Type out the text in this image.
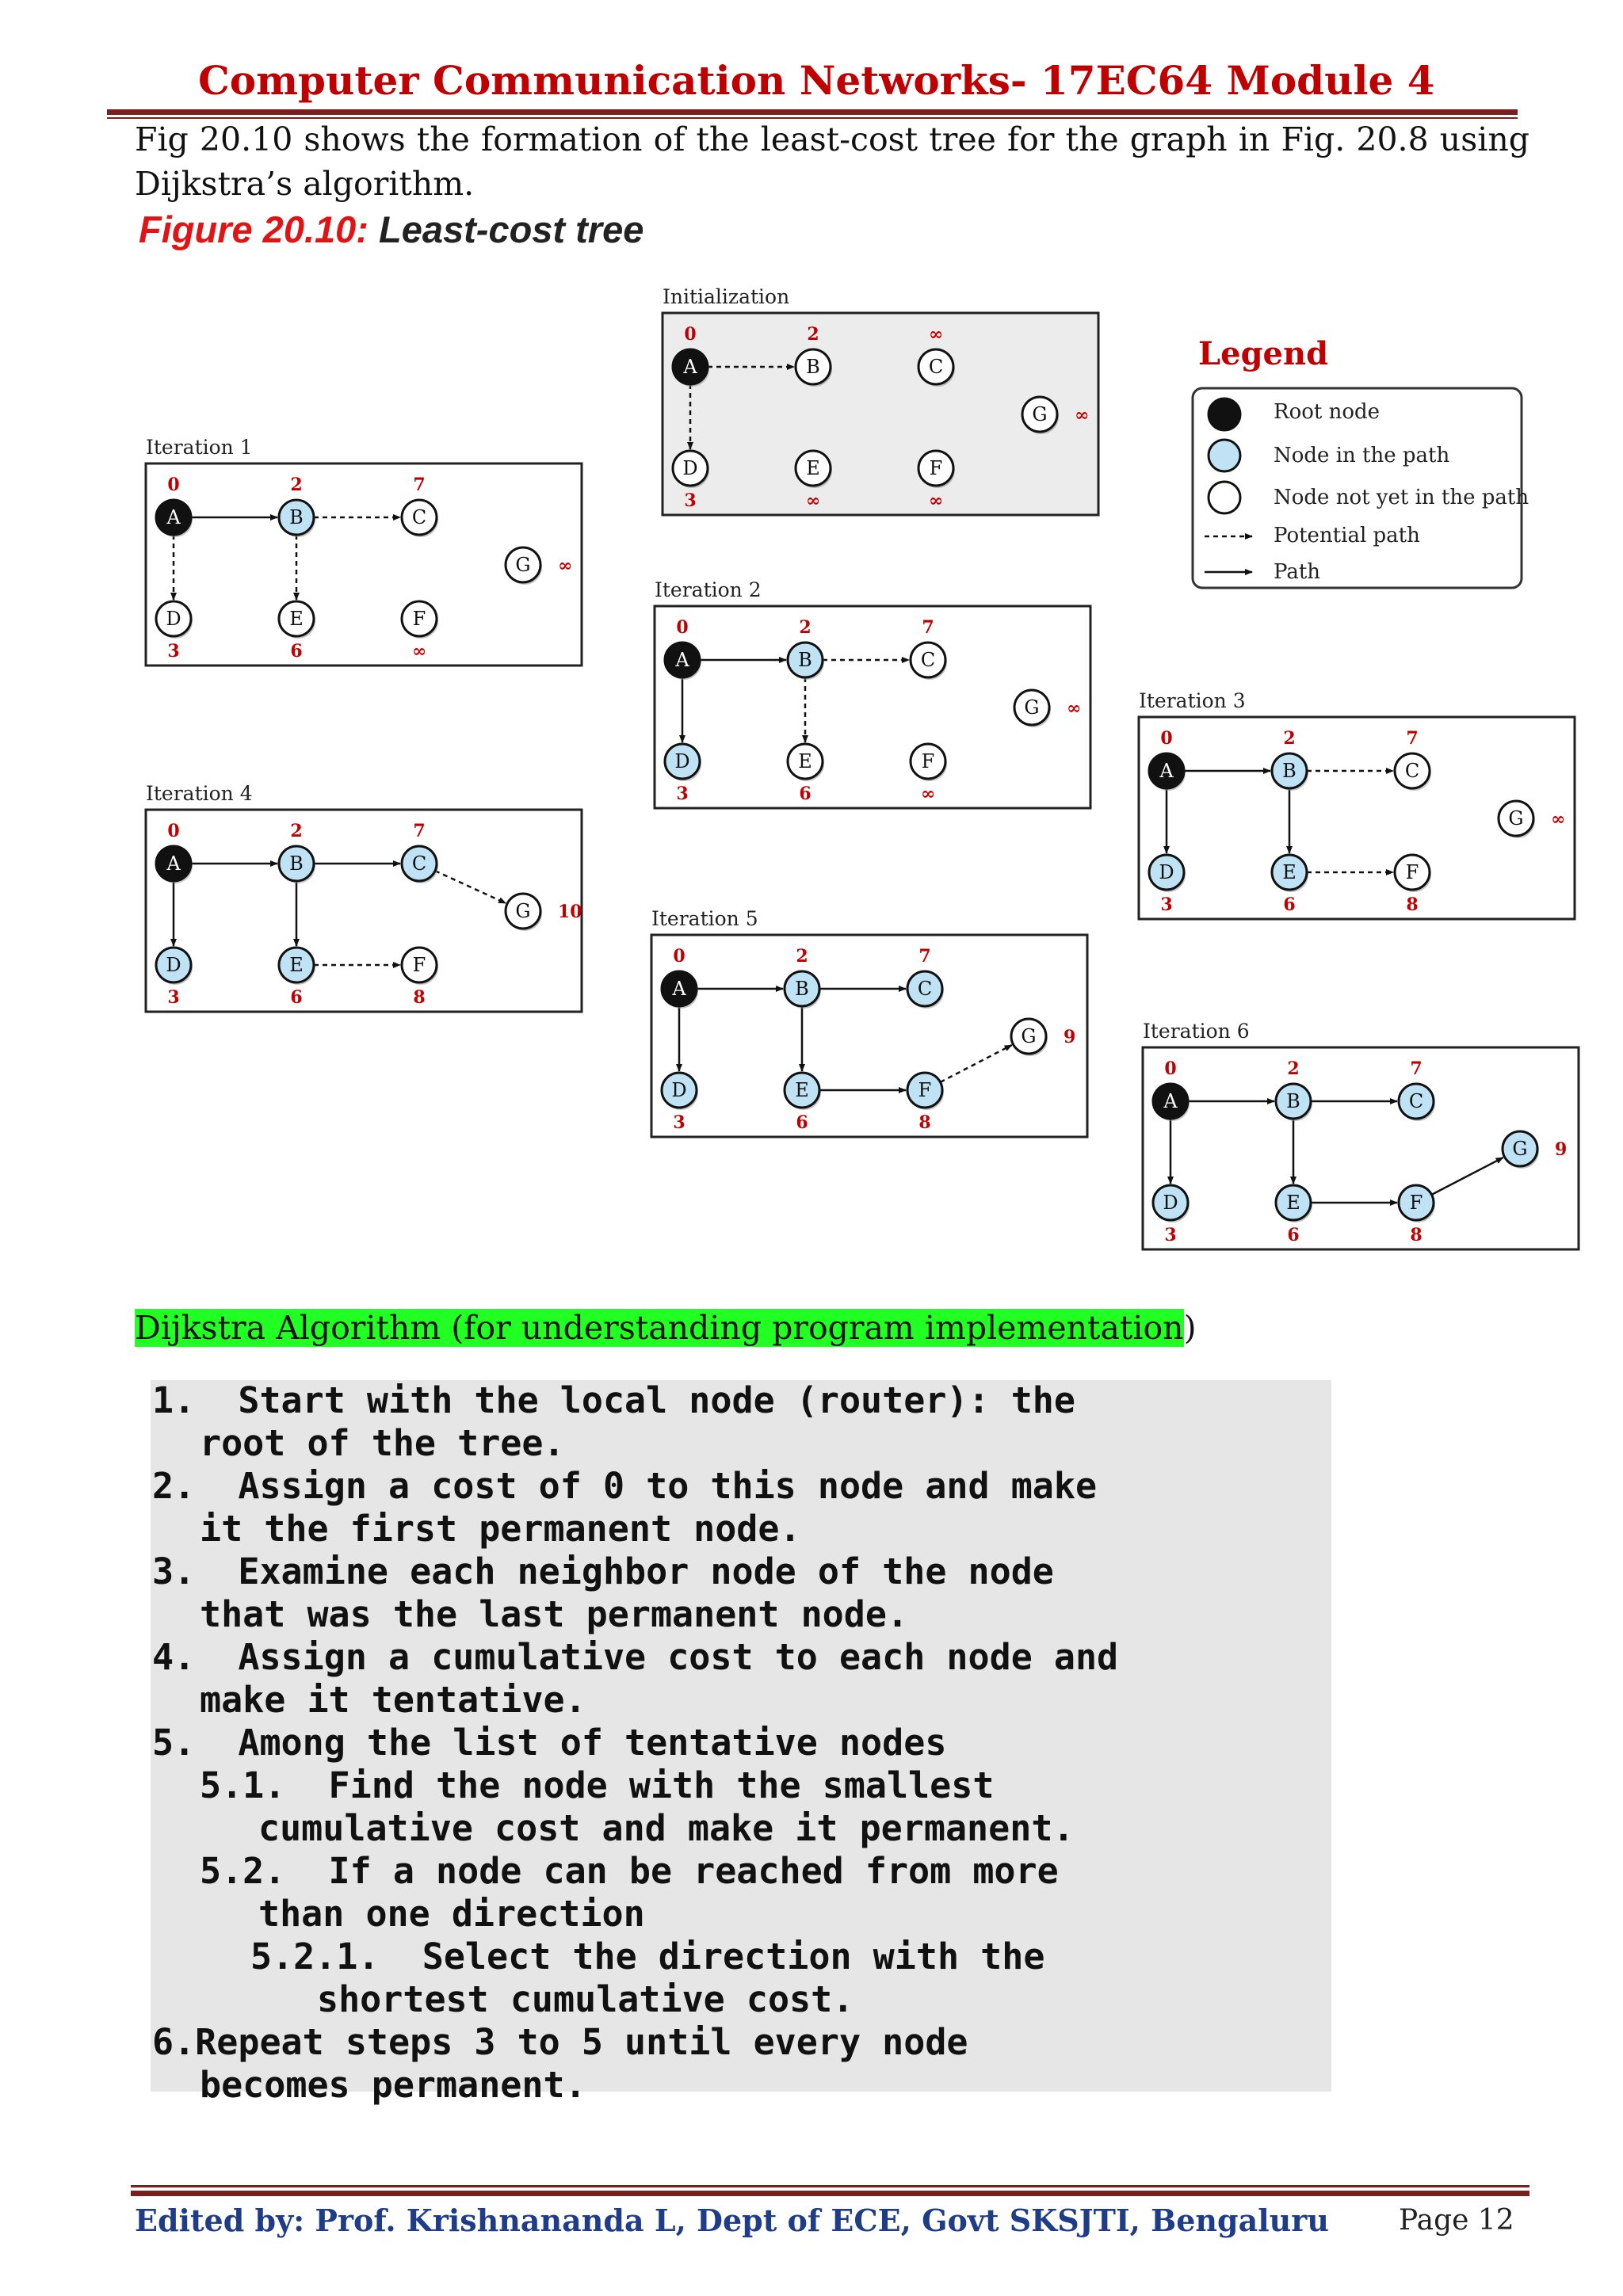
Computer Communication Networks- 17EC64 Module 4
Fig 20.10 shows the formation of the least-cost tree for the graph in Fig. 20.8 using Dijkstra’s algorithm.
Figure 20.10: Least-cost tree
Initialization
A
0
B
2
C
∞
D
3
E
∞
F
∞
G ∞
Iteration 1
A
0
B
2
C
7
D
3
E
6
F
∞
G ∞
Iteration 2
A
0
B
2
C
7
D
3
E
6
F
∞
G ∞	Iteration 3
A
0
B
2
C
7
D
3
E
6
F
8
G ∞
Iteration 4
A
0
B
2
C
7
D
3
E
6
F
8
G 10	Iteration 5
A
0
B
2
C
7
D
3
E
6
F
8
G 9	Iteration 6
A
0
B
2
C
7
D
3
E
6
F
8
G 9
Legend
Root node
Node in the path
Node not yet in the path
Potential path
Path
Dijkstra Algorithm (for understanding program implementation)
1.  Start with the local node (router): the
root of the tree.
2.  Assign a cost of 0 to this node and make
it the first permanent node.
3.  Examine each neighbor node of the node
that was the last permanent node.
4.  Assign a cumulative cost to each node and
make it tentative.
5.  Among the list of tentative nodes
5.1.  Find the node with the smallest
cumulative cost and make it permanent.
5.2.  If a node can be reached from more
than one direction
5.2.1.  Select the direction with the
shortest cumulative cost.
6.Repeat steps 3 to 5 until every node
becomes permanent.
Edited by: Prof. Krishnananda L, Dept of ECE, Govt SKSJTI, Bengaluru Page 12
